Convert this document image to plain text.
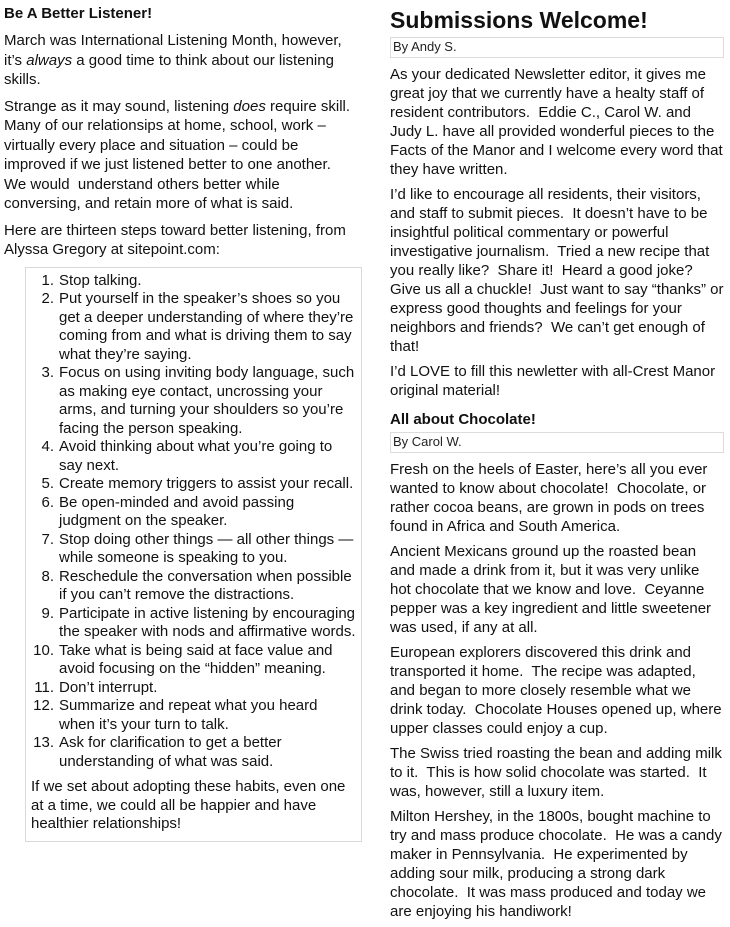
Be A Better Listener!

March was International Listening Month, however, it’s always a good time to think about our listening skills.

Strange as it may sound, listening does require skill.  Many of our relationsips at home, school, work – virtually every place and situation – could be improved if we just listened better to one another.  We would  understand others better while conversing, and retain more of what is said.

Here are thirteen steps toward better listening, from Alyssa Gregory at sitepoint.com:

Stop talking.
Put yourself in the speaker’s shoes so you get a deeper understanding of where they’re coming from and what is driving them to say what they’re saying.
Focus on using inviting body language, such as making eye contact, uncrossing your arms, and turning your shoulders so you’re facing the person speaking.
Avoid thinking about what you’re going to say next.
Create memory triggers to assist your recall.
Be open-minded and avoid passing judgment on the speaker.
Stop doing other things — all other things — while someone is speaking to you.
Reschedule the conversation when possible if you can’t remove the distractions.
Participate in active listening by encouraging the speaker with nods and affirmative words.
Take what is being said at face value and avoid focusing on the “hidden” meaning.
Don’t interrupt.
Summarize and repeat what you heard when it’s your turn to talk.
Ask for clarification to get a better understanding of what was said.

If we set about adopting these habits, even one at a time, we could all be happier and have healthier relationships!

Submissions Welcome!
By Andy S.

As your dedicated Newsletter editor, it gives me great joy that we currently have a healty staff of resident contributors.  Eddie C., Carol W. and Judy L. have all provided wonderful pieces to the Facts of the Manor and I welcome every word that they have written.

I’d like to encourage all residents, their visitors, and staff to submit pieces.  It doesn’t have to be insightful political commentary or powerful investigative journalism.  Tried a new recipe that you really like?  Share it!  Heard a good joke?  Give us all a chuckle!  Just want to say “thanks” or express good thoughts and feelings for your neighbors and friends?  We can’t get enough of that!

I’d LOVE to fill this newletter with all-Crest Manor original material!

All about Chocolate!
By Carol W.

Fresh on the heels of Easter, here’s all you ever wanted to know about chocolate!  Chocolate, or rather cocoa beans, are grown in pods on trees found in Africa and South America.

Ancient Mexicans ground up the roasted bean and made a drink from it, but it was very unlike hot chocolate that we know and love.  Ceyanne pepper was a key ingredient and little sweetener was used, if any at all.

European explorers discovered this drink and transported it home.  The recipe was adapted, and began to more closely resemble what we drink today.  Chocolate Houses opened up, where upper classes could enjoy a cup.

The Swiss tried roasting the bean and adding milk to it.  This is how solid chocolate was started.  It was, however, still a luxury item.

Milton Hershey, in the 1800s, bought machine to try and mass produce chocolate.  He was a candy maker in Pennsylvania.  He experimented by adding sour milk, producing a strong dark chocolate.  It was mass produced and today we are enjoying his handiwork!
